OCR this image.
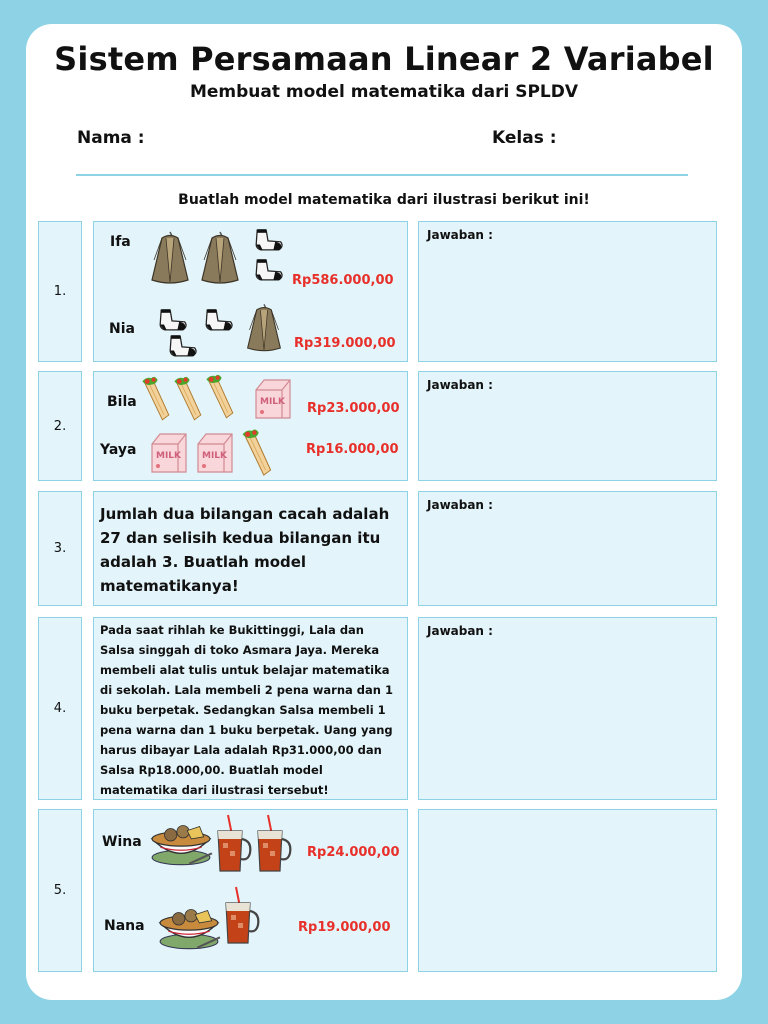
Sistem Persamaan Linear 2 Variabel
Membuat model matematika dari SPLDV
Nama :	Kelas :
Buatlah model matematika dari ilustrasi berikut ini!
1.
Ifa
Rp586.000,00
Nia
Rp319.000,00
Jawaban :
2.
Bila	Rp23.000,00
Yaya	Rp16.000,00
Jawaban :
3.
Jumlah dua bilangan cacah adalah 27 dan selisih kedua bilangan itu adalah 3. Buatlah model matematikanya!
Jawaban :
4.
Pada saat rihlah ke Bukittinggi, Lala dan Salsa singgah di toko Asmara Jaya. Mereka membeli alat tulis untuk belajar matematika di sekolah. Lala membeli 2 pena warna dan 1 buku berpetak. Sedangkan Salsa membeli 1 pena warna dan 1 buku berpetak. Uang yang harus dibayar Lala adalah Rp31.000,00 dan Salsa Rp18.000,00. Buatlah model matematika dari ilustrasi tersebut!
Jawaban :
5.
Wina
Rp24.000,00
Nana	Rp19.000,00
